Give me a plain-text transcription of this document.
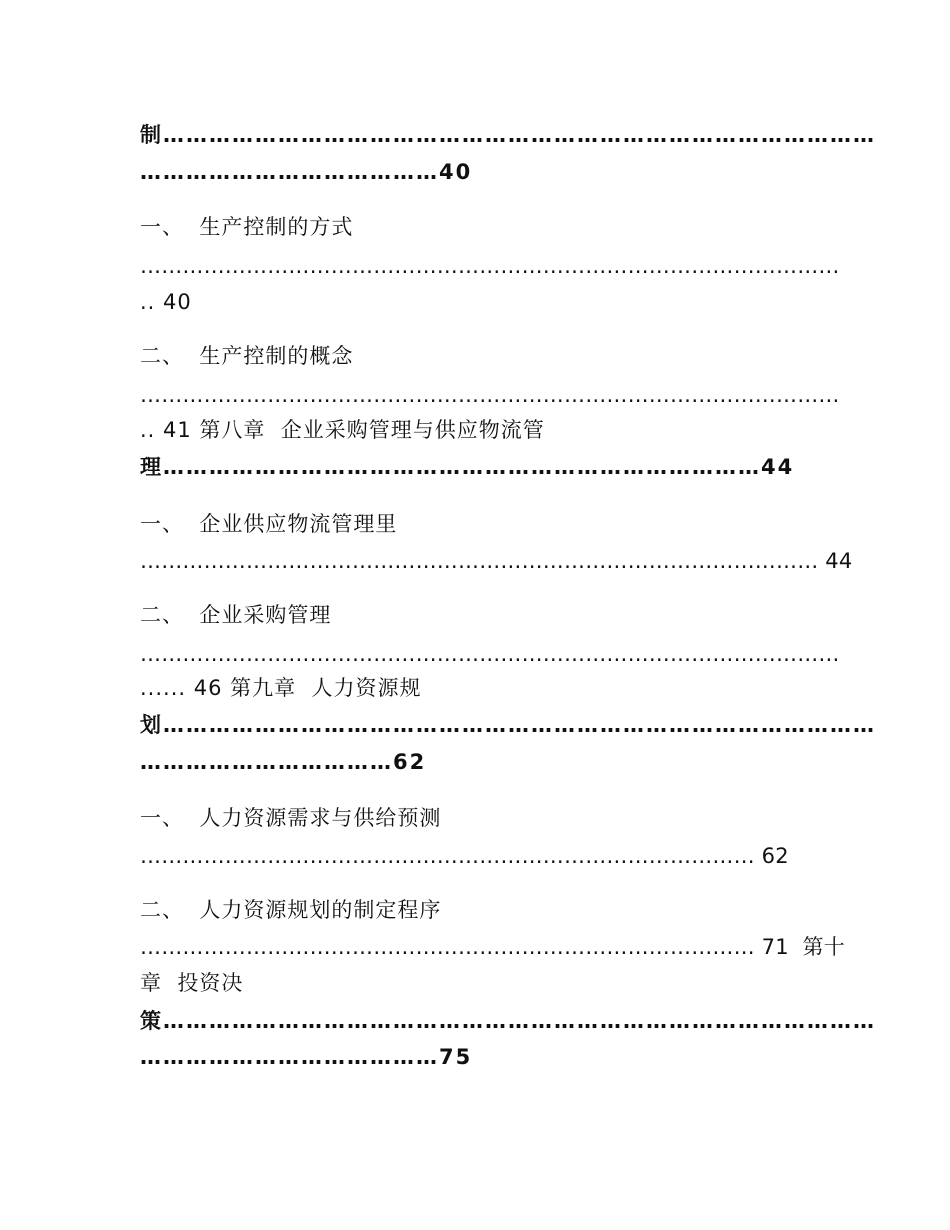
制…………………………………………………………………………………
…………………………………40
一、  生产控制的方式
………………………………………………………………………………………
.. 40
二、  生产控制的概念
………………………………………………………………………………………
.. 41 第八章  企业采购管理与供应物流管
理……………………………………………………………………44
一、  企业供应物流管理里
…………………………………………………………………………………… 44
二、  企业采购管理
………………………………………………………………………………………
...... 46 第九章  人力资源规
划…………………………………………………………………………………
……………………………62
一、  人力资源需求与供给预测
…………………………………………………………………………… 62
二、  人力资源规划的制定程序
…………………………………………………………………………… 71  第十
章  投资决
策…………………………………………………………………………………
…………………………………75
